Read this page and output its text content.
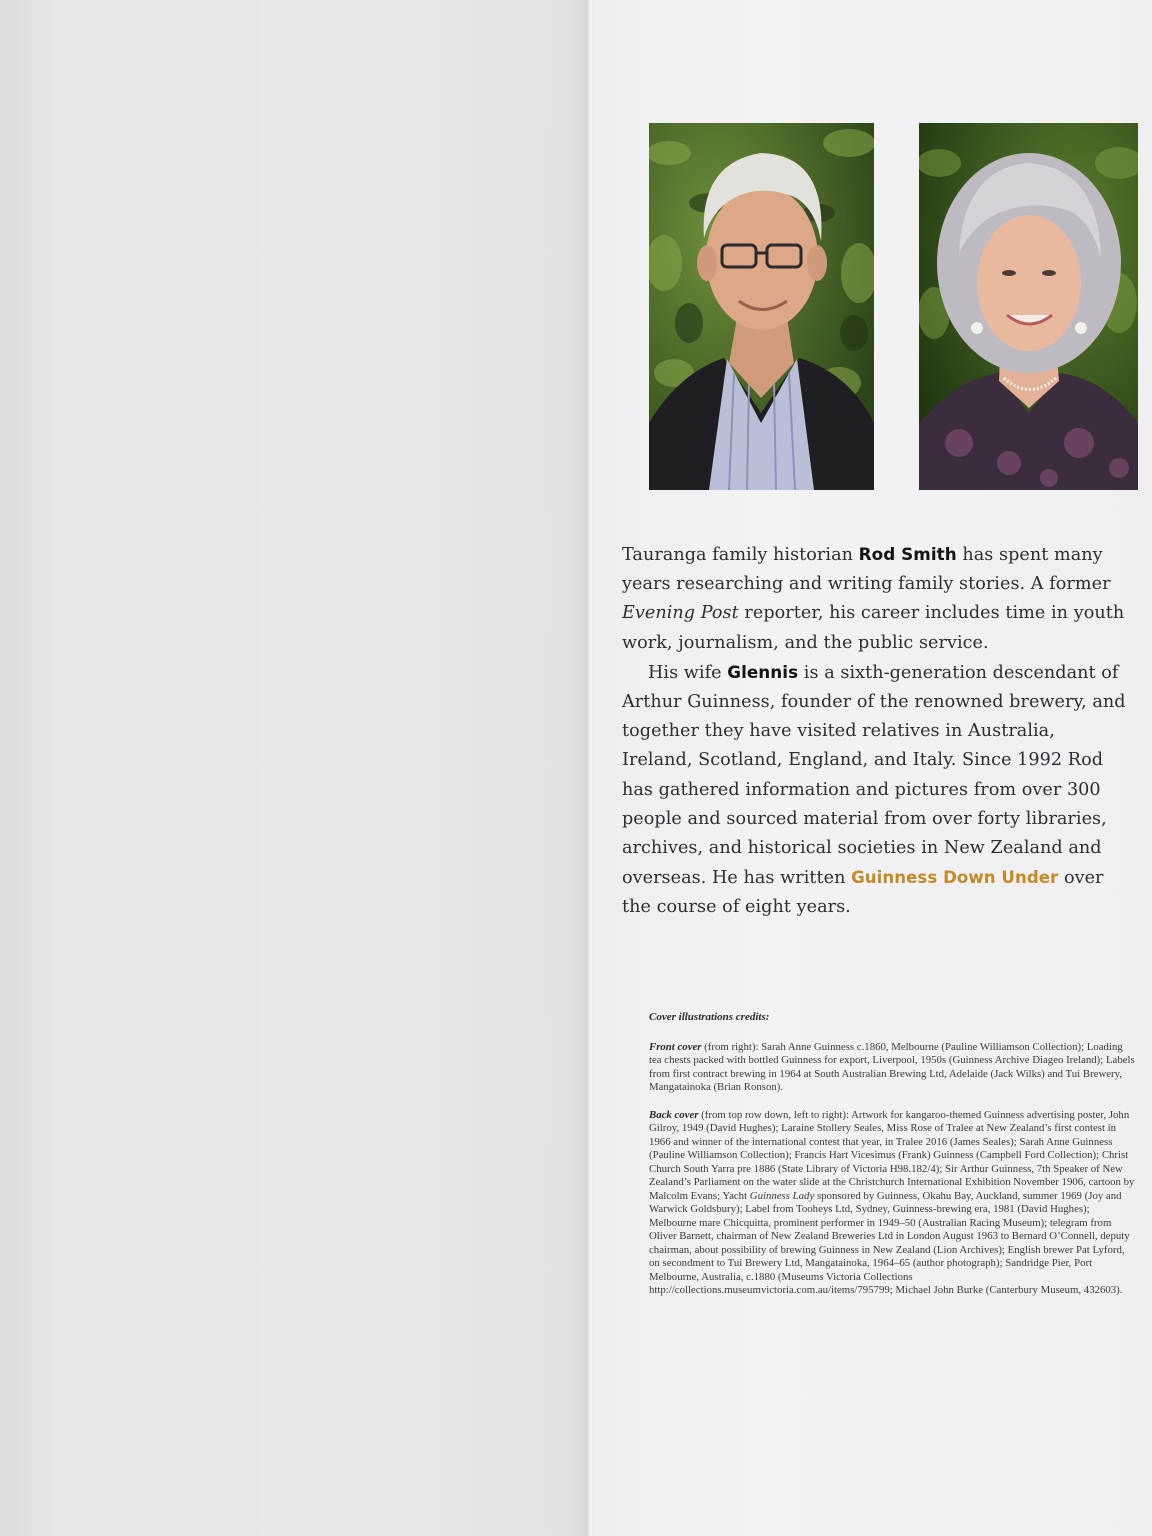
Tauranga family historian Rod Smith has spent many years researching and writing family stories. A former Evening Post reporter, his career includes time in youth work, journalism, and the public service.

His wife Glennis is a sixth-generation descendant of Arthur Guinness, founder of the renowned brewery, and together they have visited relatives in Australia, Ireland, Scotland, England, and Italy. Since 1992 Rod has gathered information and pictures from over 300 people and sourced material from over forty libraries, archives, and historical societies in New Zealand and overseas. He has written Guinness Down Under over the course of eight years.

Cover illustrations credits:

Front cover (from right): Sarah Anne Guinness c.1860, Melbourne (Pauline Williamson Collection); Loading tea chests packed with bottled Guinness for export, Liverpool, 1950s (Guinness Archive Diageo Ireland); Labels from first contract brewing in 1964 at South Australian Brewing Ltd, Adelaide (Jack Wilks) and Tui Brewery, Mangatainoka (Brian Ronson).

Back cover (from top row down, left to right): Artwork for kangaroo-themed Guinness advertising poster, John Gilroy, 1949 (David Hughes); Laraine Stollery Seales, Miss Rose of Tralee at New Zealand’s first contest in 1966 and winner of the international contest that year, in Tralee 2016 (James Seales); Sarah Anne Guinness (Pauline Williamson Collection); Francis Hart Vicesimus (Frank) Guinness (Campbell Ford Collection); Christ Church South Yarra pre 1886 (State Library of Victoria H98.182/4); Sir Arthur Guinness, 7th Speaker of New Zealand’s Parliament on the water slide at the Christchurch International Exhibition November 1906, cartoon by Malcolm Evans; Yacht Guinness Lady sponsored by Guinness, Okahu Bay, Auckland, summer 1969 (Joy and Warwick Goldsbury); Label from Tooheys Ltd, Sydney, Guinness-brewing era, 1981 (David Hughes); Melbourne mare Chicquitta, prominent performer in 1949–50 (Australian Racing Museum); telegram from Oliver Barnett, chairman of New Zealand Breweries Ltd in London August 1963 to Bernard O’Connell, deputy chairman, about possibility of brewing Guinness in New Zealand (Lion Archives); English brewer Pat Lyford, on secondment to Tui Brewery Ltd, Mangatainoka, 1964–65 (author photograph); Sandridge Pier, Port Melbourne, Australia, c.1880 (Museums Victoria Collections http://collections.museumvictoria.com.au/items/795799; Michael John Burke (Canterbury Museum, 432603).
